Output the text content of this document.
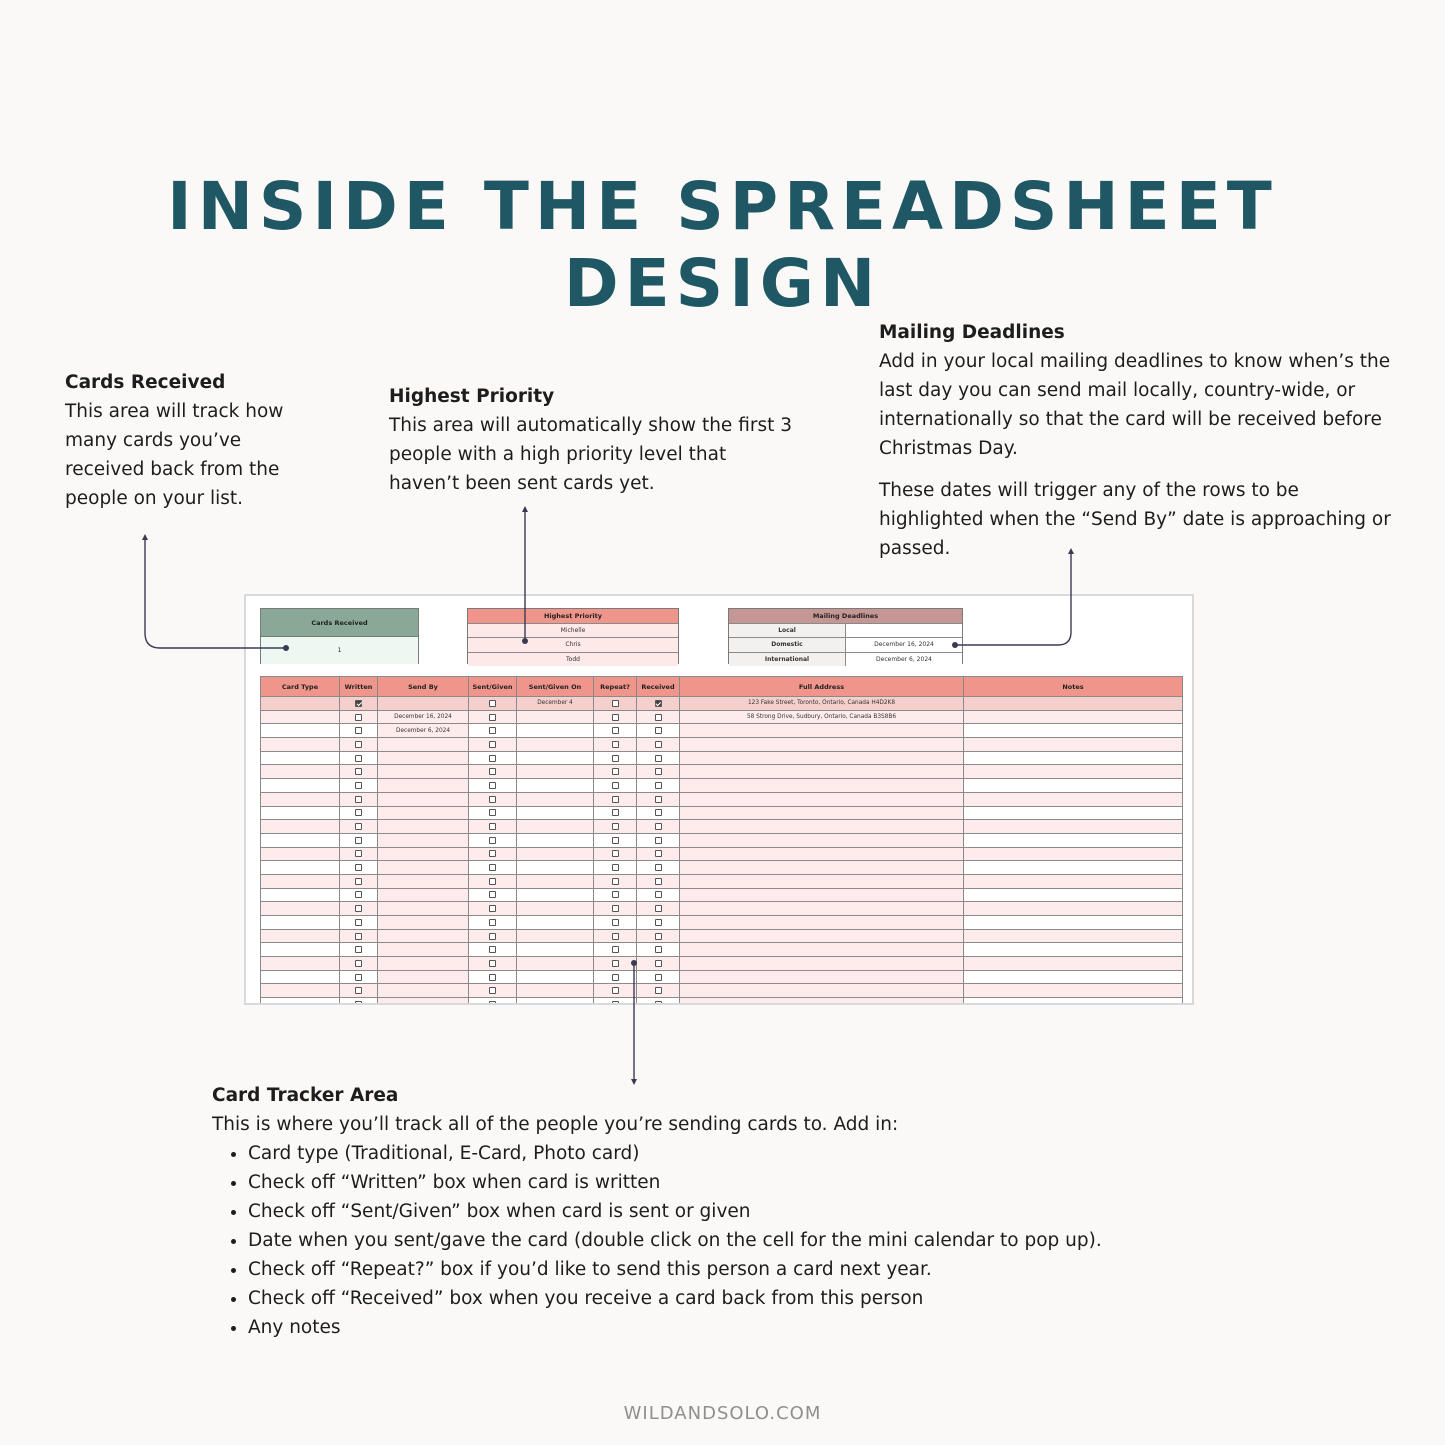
INSIDE THE SPREADSHEET DESIGN
Cards Received

This area will track how many cards you’ve received back from the people on your list.

Highest Priority

This area will automatically show the first 3 people with a high priority level that haven’t been sent cards yet.

Mailing Deadlines

Add in your local mailing deadlines to know when’s the last day you can send mail locally, country-wide, or internationally so that the card will be received before Christmas Day.

These dates will trigger any of the rows to be highlighted when the “Send By” date is approaching or passed.

Cards Received
1
Highest Priority
Michelle
Chris
Todd
Mailing Deadlines
Local
Domestic	December 16, 2024
International	December 6, 2024
Card Type	Written	Send By	Sent/Given	Sent/Given On	Repeat?	Received	Full Address	Notes
				December 4			123 Fake Street, Toronto, Ontario, Canada H4D2K8	
		December 16, 2024					58 Strong Drive, Sudbury, Ontario, Canada B3S8B6	
		December 6, 2024						

Card Tracker Area

This is where you’ll track all of the people you’re sending cards to. Add in:

• Card type (Traditional, E-Card, Photo card)
• Check off “Written” box when card is written
• Check off “Sent/Given” box when card is sent or given
• Date when you sent/gave the card (double click on the cell for the mini calendar to pop up).
• Check off “Repeat?” box if you’d like to send this person a card next year.
• Check off “Received” box when you receive a card back from this person
• Any notes
WILDANDSOLO.COM
